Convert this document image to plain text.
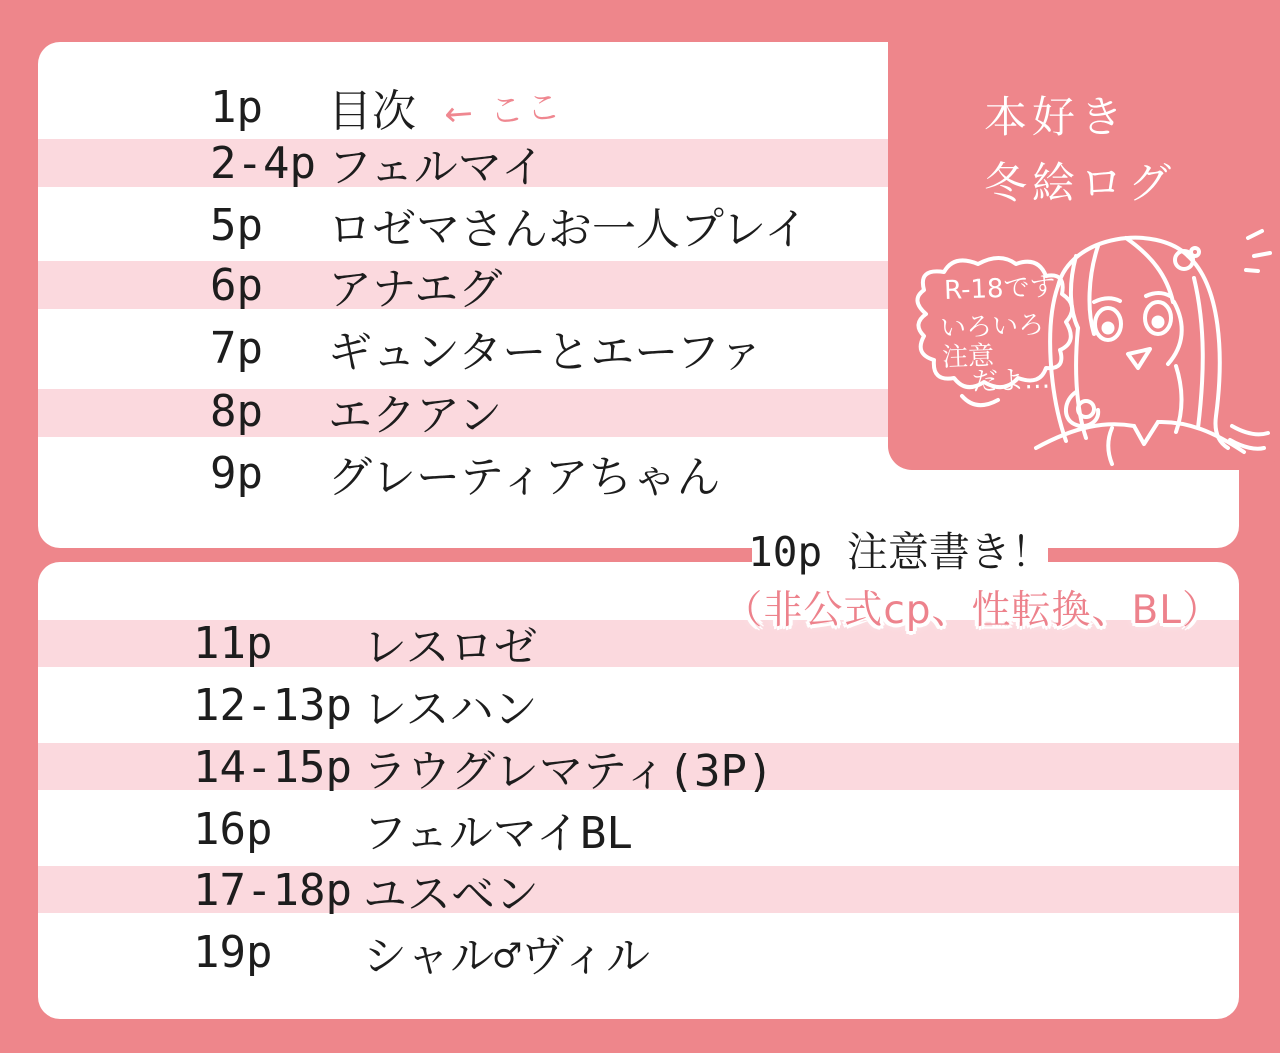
1p	目次 ← ここ
2-4p フェルマイ
5p	ロゼマさんお一人プレイ
6p	アナエグ
7p	ギュンターとエーファ
8p	エクアン
9p	グレーティアちゃん
11p	レスロゼ
12-13p レスハン
14-15p ラウグレマティ(3P)
16p	フェルマイBL
17-18p ユスベン
19p	シャル♂ヴィル
本好き
冬絵ログ
R-18です
いろいろ
注意
だよ…
10p 注意書き！
（非公式cp、性転換、BL）
